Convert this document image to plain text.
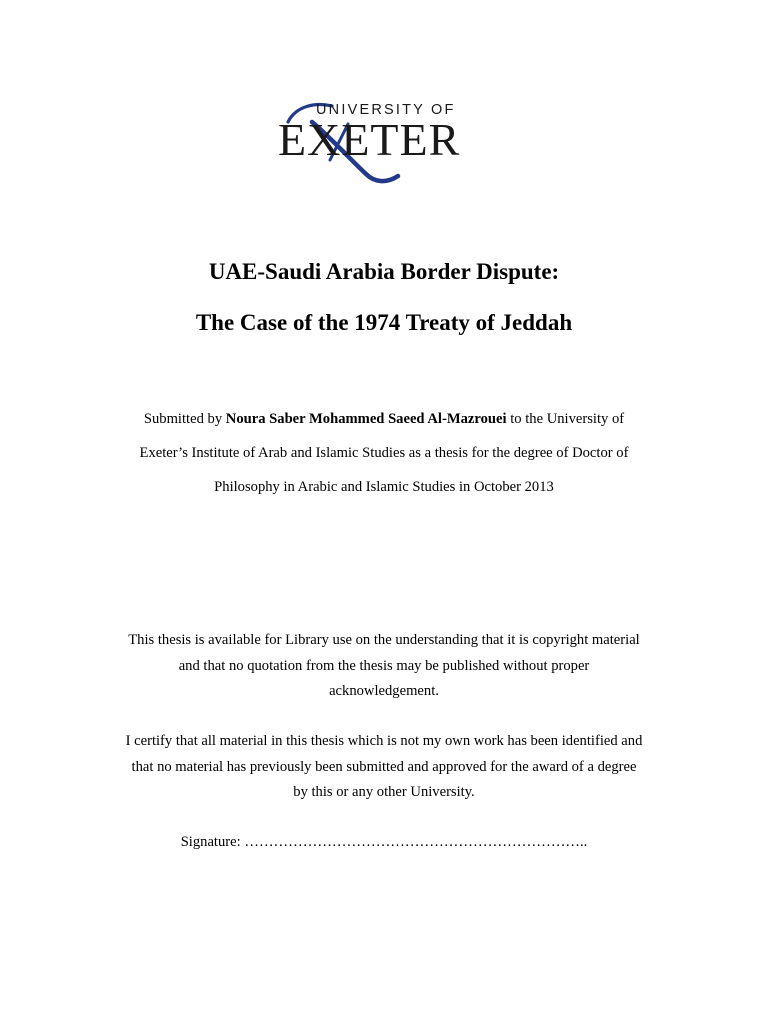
UNIVERSITY OF
EXETER
UAE-Saudi Arabia Border Dispute:
The Case of the 1974 Treaty of Jeddah

Submitted by Noura Saber Mohammed Saeed Al-Mazrouei to the University of
Exeter’s Institute of Arab and Islamic Studies as a thesis for the degree of Doctor of
Philosophy in Arabic and Islamic Studies in October 2013

This thesis is available for Library use on the understanding that it is copyright material
and that no quotation from the thesis may be published without proper
acknowledgement.

I certify that all material in this thesis which is not my own work has been identified and
that no material has previously been submitted and approved for the award of a degree
by this or any other University.

Signature: ……………………………………………………………..
